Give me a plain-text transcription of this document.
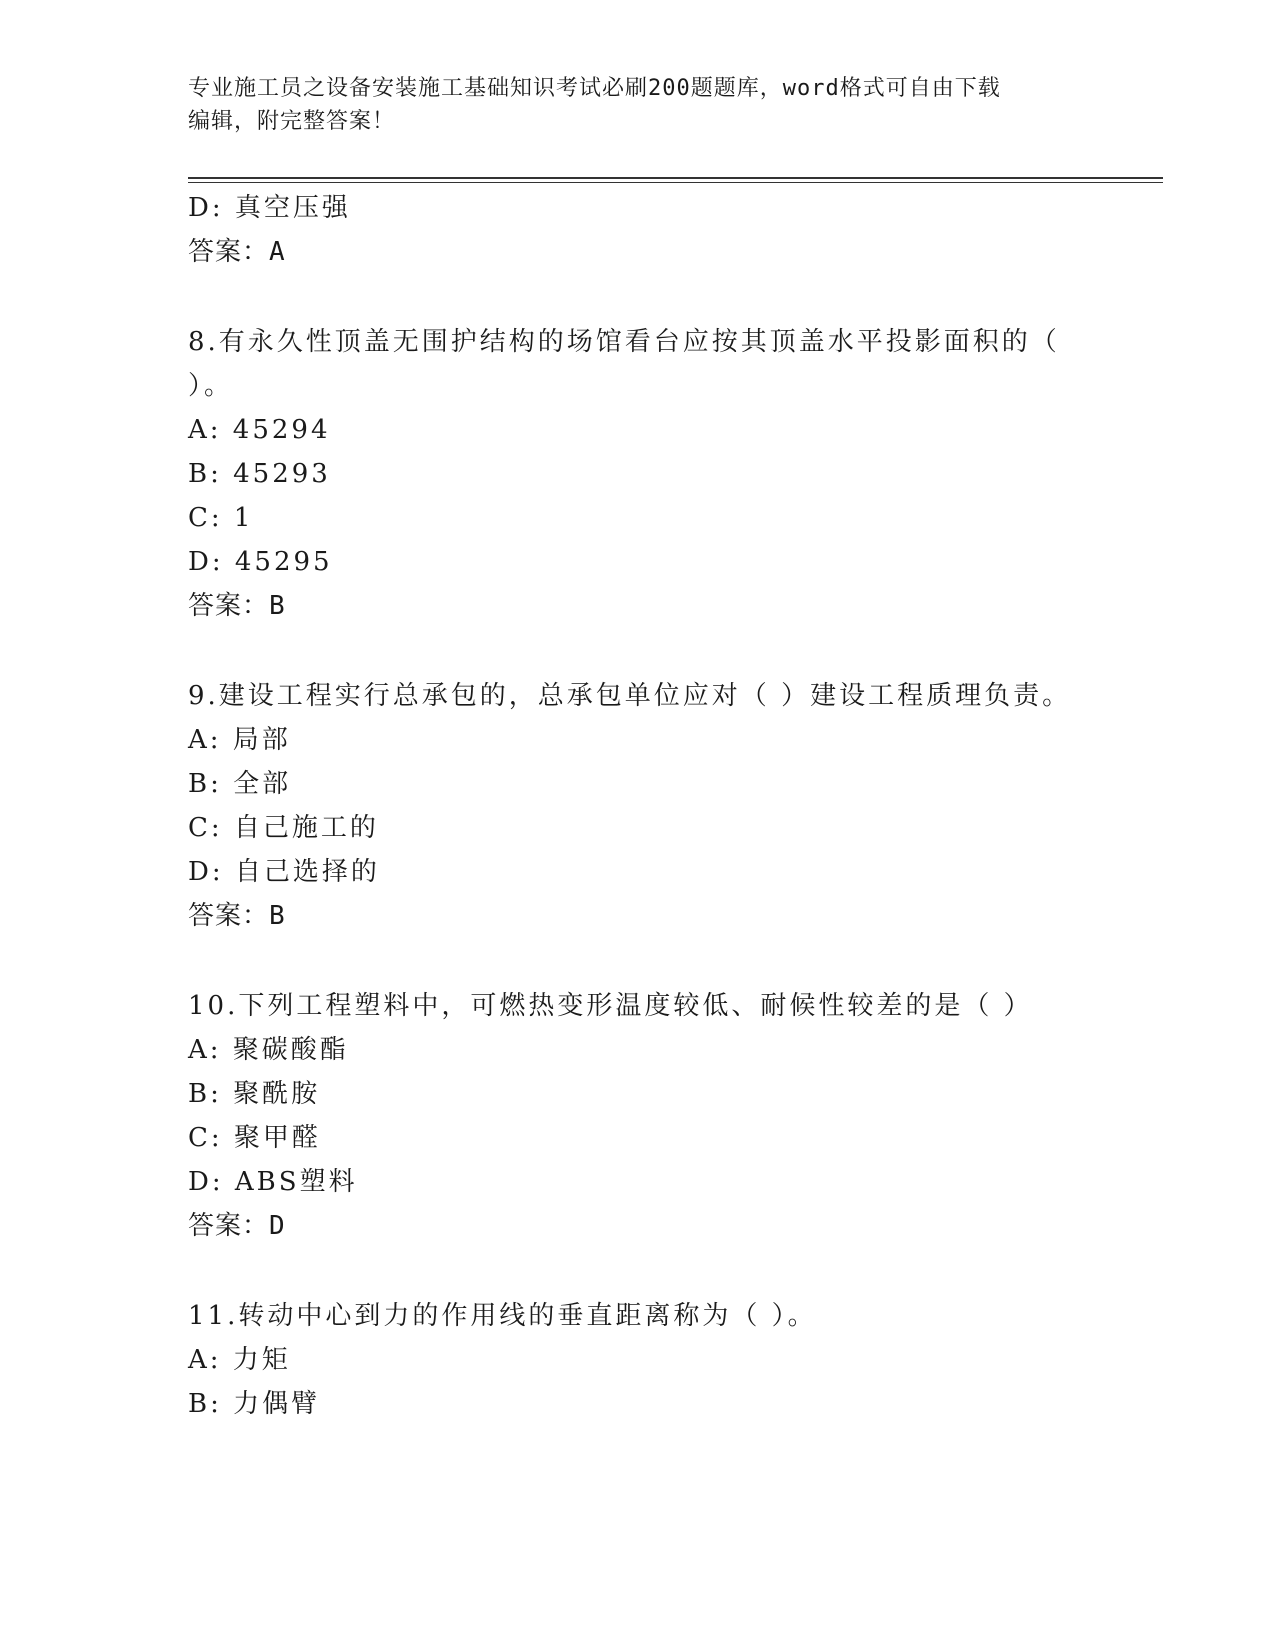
专业施工员之设备安装施工基础知识考试必刷200题题库，word格式可自由下载
编辑，附完整答案！
D: 真空压强
答案：A
8.有永久性顶盖无围护结构的场馆看台应按其顶盖水平投影面积的（
）。
A: 45294
B: 45293
C: 1
D: 45295
答案：B
9.建设工程实行总承包的，总承包单位应对（ ）建设工程质理负责。
A: 局部
B: 全部
C: 自己施工的
D: 自己选择的
答案：B
10.下列工程塑料中，可燃热变形温度较低、耐候性较差的是（ ）
A: 聚碳酸酯
B: 聚酰胺
C: 聚甲醛
D: ABS塑料
答案：D
11.转动中心到力的作用线的垂直距离称为（ ）。
A: 力矩
B: 力偶臂
